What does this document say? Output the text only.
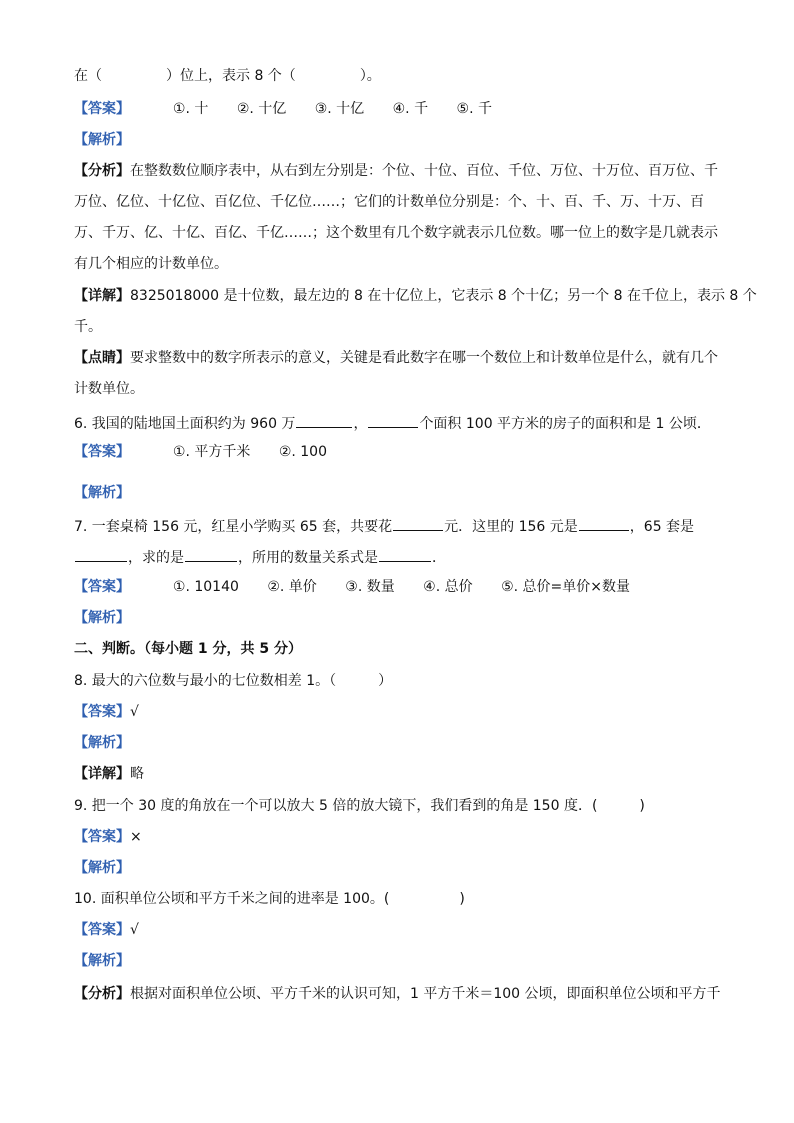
在（	）位上，表示 8 个（	）。
【答案】	①. 十 ②. 十亿 ③. 十亿 ④. 千 ⑤. 千
【解析】
【分析】在整数数位顺序表中，从右到左分别是：个位、十位、百位、千位、万位、十万位、百万位、千
万位、亿位、十亿位、百亿位、千亿位……；它们的计数单位分别是：个、十、百、千、万、十万、百
万、千万、亿、十亿、百亿、千亿……；这个数里有几个数字就表示几位数。哪一位上的数字是几就表示
有几个相应的计数单位。
【详解】8325018000 是十位数，最左边的 8 在十亿位上，它表示 8 个十亿；另一个 8 在千位上，表示 8 个
千。
【点睛】要求整数中的数字所表示的意义，关键是看此数字在哪一个数位上和计数单位是什么，就有几个
计数单位。
6. 我国的陆地国土面积约为 960 万	，	个面积 100 平方米的房子的面积和是 1 公顷．
【答案】	①. 平方千米 ②. 100
【解析】
7. 一套桌椅 156 元，红星小学购买 65 套，共要花	元．这里的 156 元是	，65 套是
，求的是	，所用的数量关系式是	．
【答案】	①. 10140 ②. 单价 ③. 数量 ④. 总价 ⑤. 总价=单价×数量
【解析】
二、判断。（每小题 1 分，共 5 分）
8. 最大的六位数与最小的七位数相差 1。（　　　）
【答案】√
【解析】
【详解】略
9. 把一个 30 度的角放在一个可以放大 5 倍的放大镜下，我们看到的角是 150 度．(　　　)
【答案】×
【解析】
10. 面积单位公顷和平方千米之间的进率是 100。(　　　　　)
【答案】√
【解析】
【分析】根据对面积单位公顷、平方千米的认识可知，1 平方千米＝100 公顷，即面积单位公顷和平方千
